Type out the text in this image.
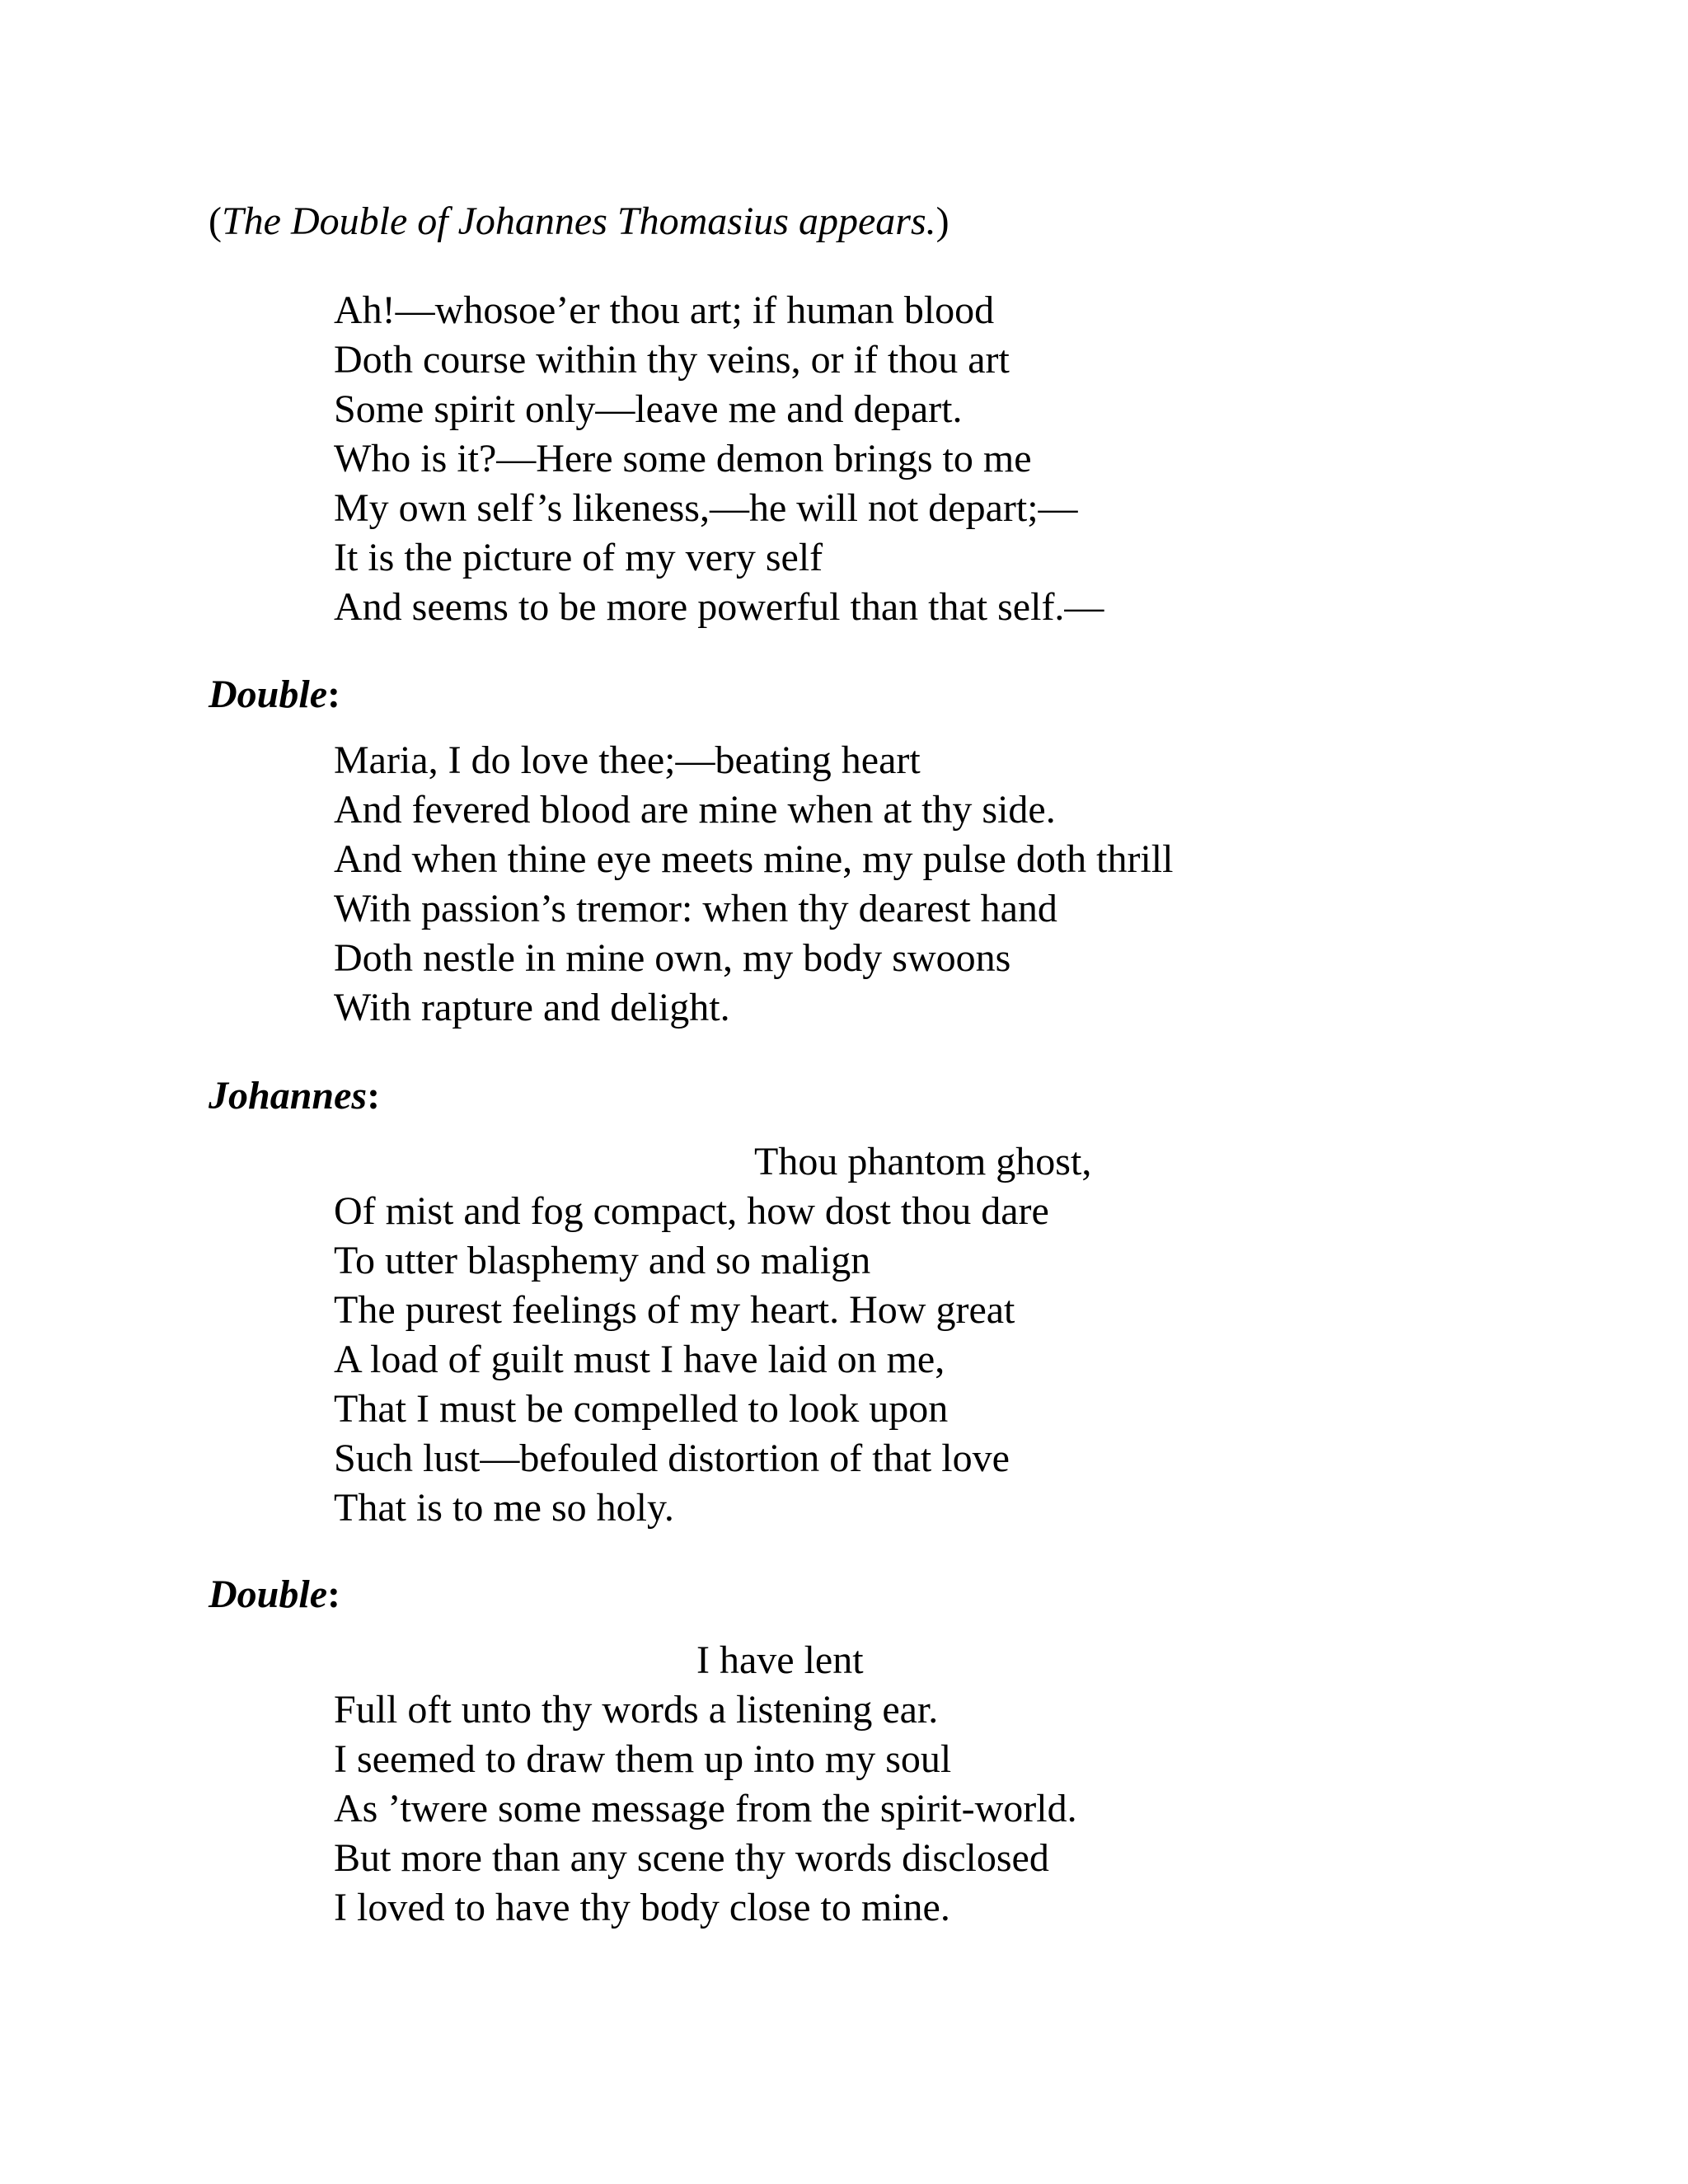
(The Double of Johannes Thomasius appears.)
Ah!—whosoe’er thou art; if human blood
Doth course within thy veins, or if thou art
Some spirit only—leave me and depart.
Who is it?—Here some demon brings to me
My own self’s likeness,—he will not depart;—
It is the picture of my very self
And seems to be more powerful than that self.—
Double:
Maria, I do love thee;—beating heart
And fevered blood are mine when at thy side.
And when thine eye meets mine, my pulse doth thrill
With passion’s tremor: when thy dearest hand
Doth nestle in mine own, my body swoons
With rapture and delight.
Johannes:
Thou phantom ghost,
Of mist and fog compact, how dost thou dare
To utter blasphemy and so malign
The purest feelings of my heart. How great
A load of guilt must I have laid on me,
That I must be compelled to look upon
Such lust—befouled distortion of that love
That is to me so holy.
Double:
I have lent
Full oft unto thy words a listening ear.
I seemed to draw them up into my soul
As ’twere some message from the spirit-world.
But more than any scene thy words disclosed
I loved to have thy body close to mine.
